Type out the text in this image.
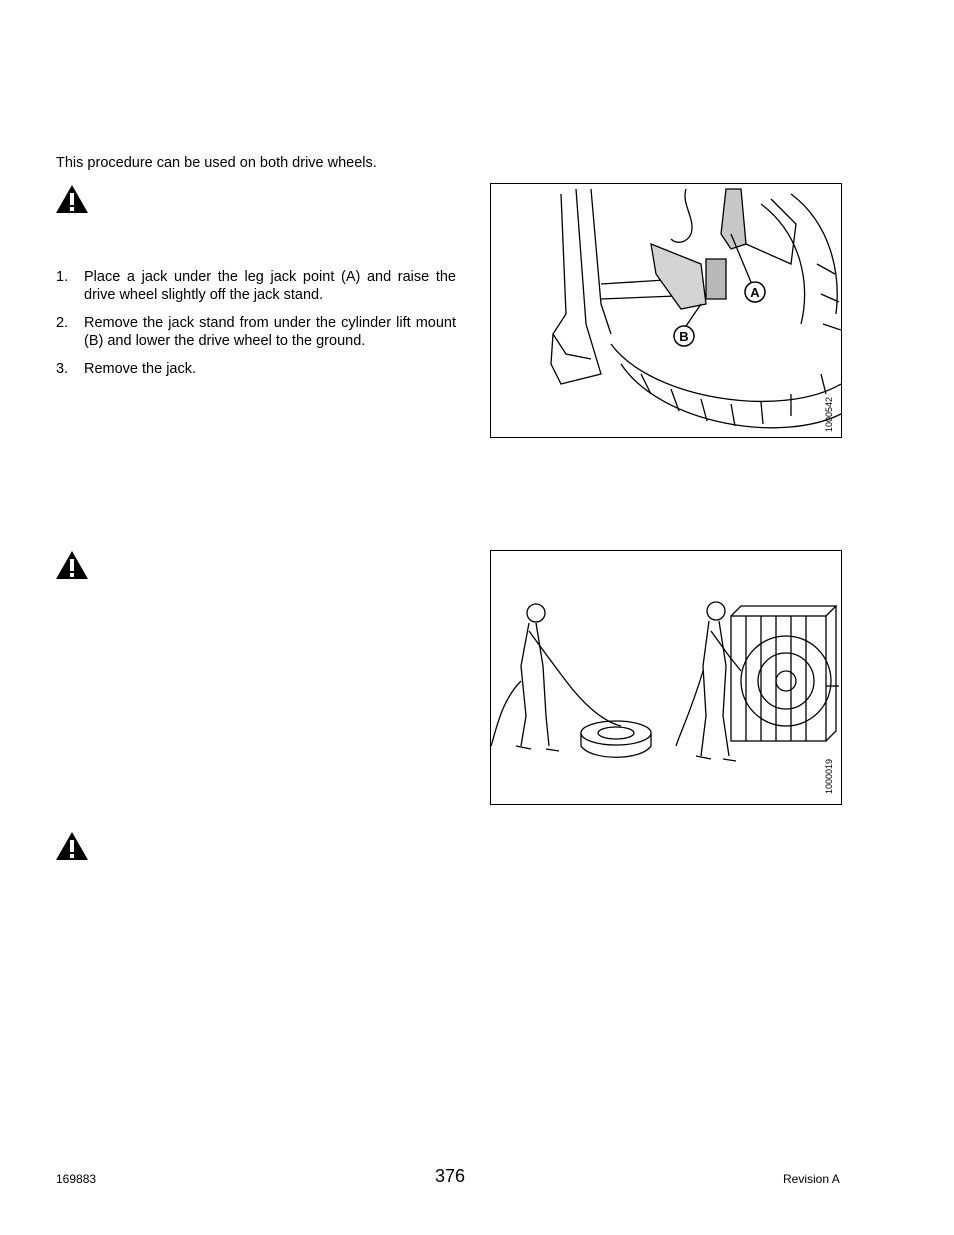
This procedure can be used on both drive wheels.
1. Place a jack under the leg jack point (A) and raise the drive wheel slightly off the jack stand.
2. Remove the jack stand from under the cylinder lift mount (B) and lower the drive wheel to the ground.
3. Remove the jack.
A
B
1000542
1000019
169883	376	Revision A
